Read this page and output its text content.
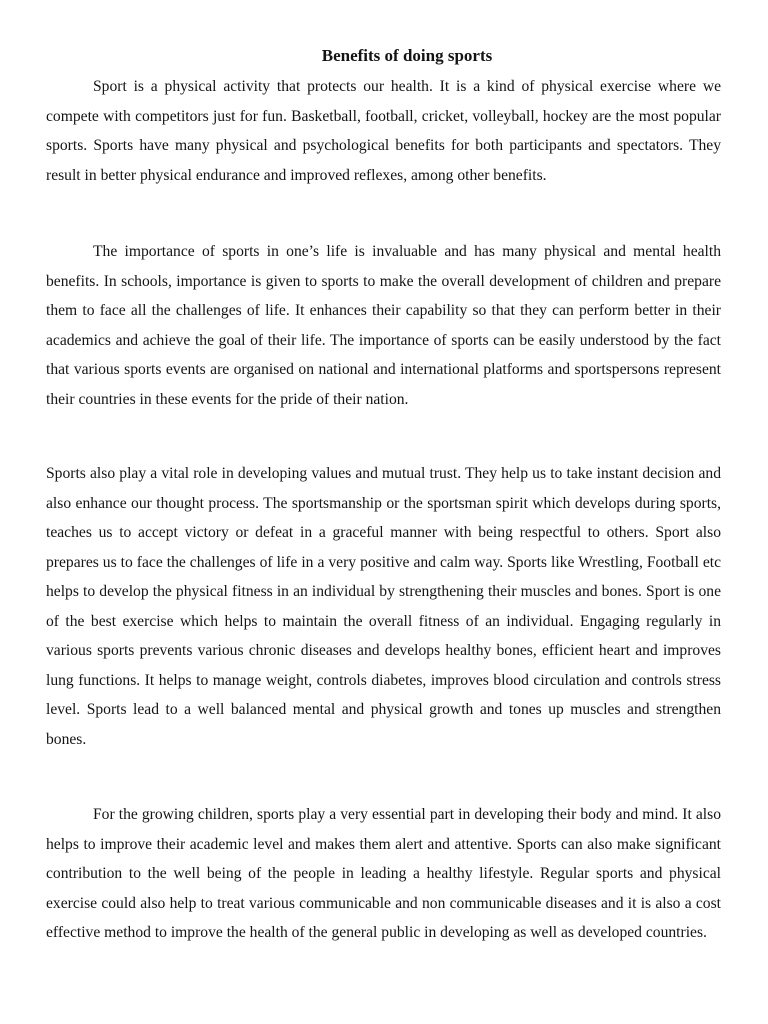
Benefits of doing sports

Sport is a physical activity that protects our health. It is a kind of physical exercise where we compete with competitors just for fun. Basketball, football, cricket, volleyball, hockey are the most popular sports. Sports have many physical and psychological benefits for both participants and spectators. They result in better physical endurance and improved reflexes, among other benefits.

The importance of sports in one’s life is invaluable and has many physical and mental health benefits. In schools, importance is given to sports to make the overall development of children and prepare them to face all the challenges of life. It enhances their capability so that they can perform better in their academics and achieve the goal of their life. The importance of sports can be easily understood by the fact that various sports events are organised on national and international platforms and sportspersons represent their countries in these events for the pride of their nation.

Sports also play a vital role in developing values and mutual trust. They help us to take instant decision and also enhance our thought process. The sportsmanship or the sportsman spirit which develops during sports, teaches us to accept victory or defeat in a graceful manner with being respectful to others. Sport also prepares us to face the challenges of life in a very positive and calm way. Sports like Wrestling, Football etc helps to develop the physical fitness in an individual by strengthening their muscles and bones. Sport is one of the best exercise which helps to maintain the overall fitness of an individual. Engaging regularly in various sports prevents various chronic diseases and develops healthy bones, efficient heart and improves lung functions. It helps to manage weight, controls diabetes, improves blood circulation and controls stress level. Sports lead to a well balanced mental and physical growth and tones up muscles and strengthen bones.

For the growing children, sports play a very essential part in developing their body and mind. It also helps to improve their academic level and makes them alert and attentive. Sports can also make significant contribution to the well being of the people in leading a healthy lifestyle. Regular sports and physical exercise could also help to treat various communicable and non communicable diseases and it is also a cost effective method to improve the health of the general public in developing as well as developed countries.
